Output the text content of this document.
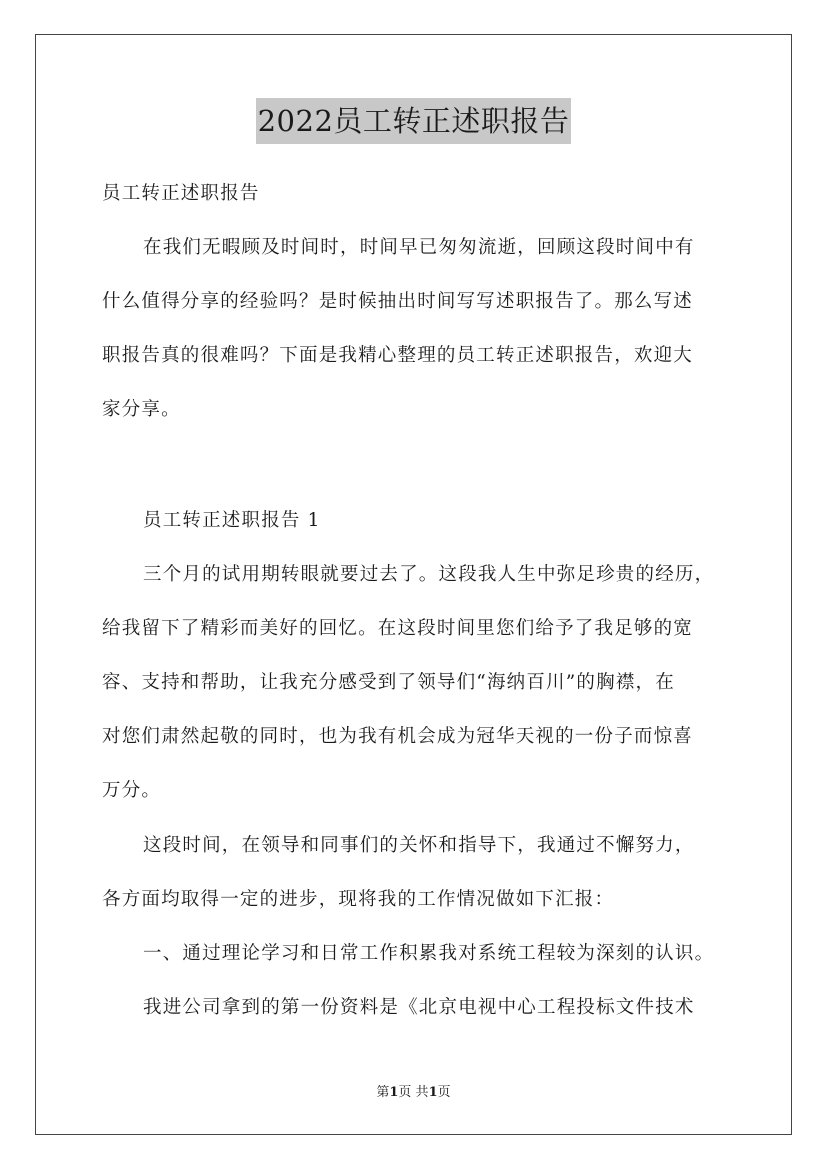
2022员工转正述职报告
员工转正述职报告
在我们无暇顾及时间时，时间早已匆匆流逝，回顾这段时间中有
什么值得分享的经验吗？是时候抽出时间写写述职报告了。那么写述
职报告真的很难吗？下面是我精心整理的员工转正述职报告，欢迎大
家分享。
员工转正述职报告 1
三个月的试用期转眼就要过去了。这段我人生中弥足珍贵的经历，
给我留下了精彩而美好的回忆。在这段时间里您们给予了我足够的宽
容、支持和帮助，让我充分感受到了领导们“海纳百川”的胸襟，在
对您们肃然起敬的同时，也为我有机会成为冠华天视的一份子而惊喜
万分。
这段时间，在领导和同事们的关怀和指导下，我通过不懈努力，
各方面均取得一定的进步，现将我的工作情况做如下汇报：
一、通过理论学习和日常工作积累我对系统工程较为深刻的认识。
我进公司拿到的第一份资料是《北京电视中心工程投标文件技术
第1页 共1页
